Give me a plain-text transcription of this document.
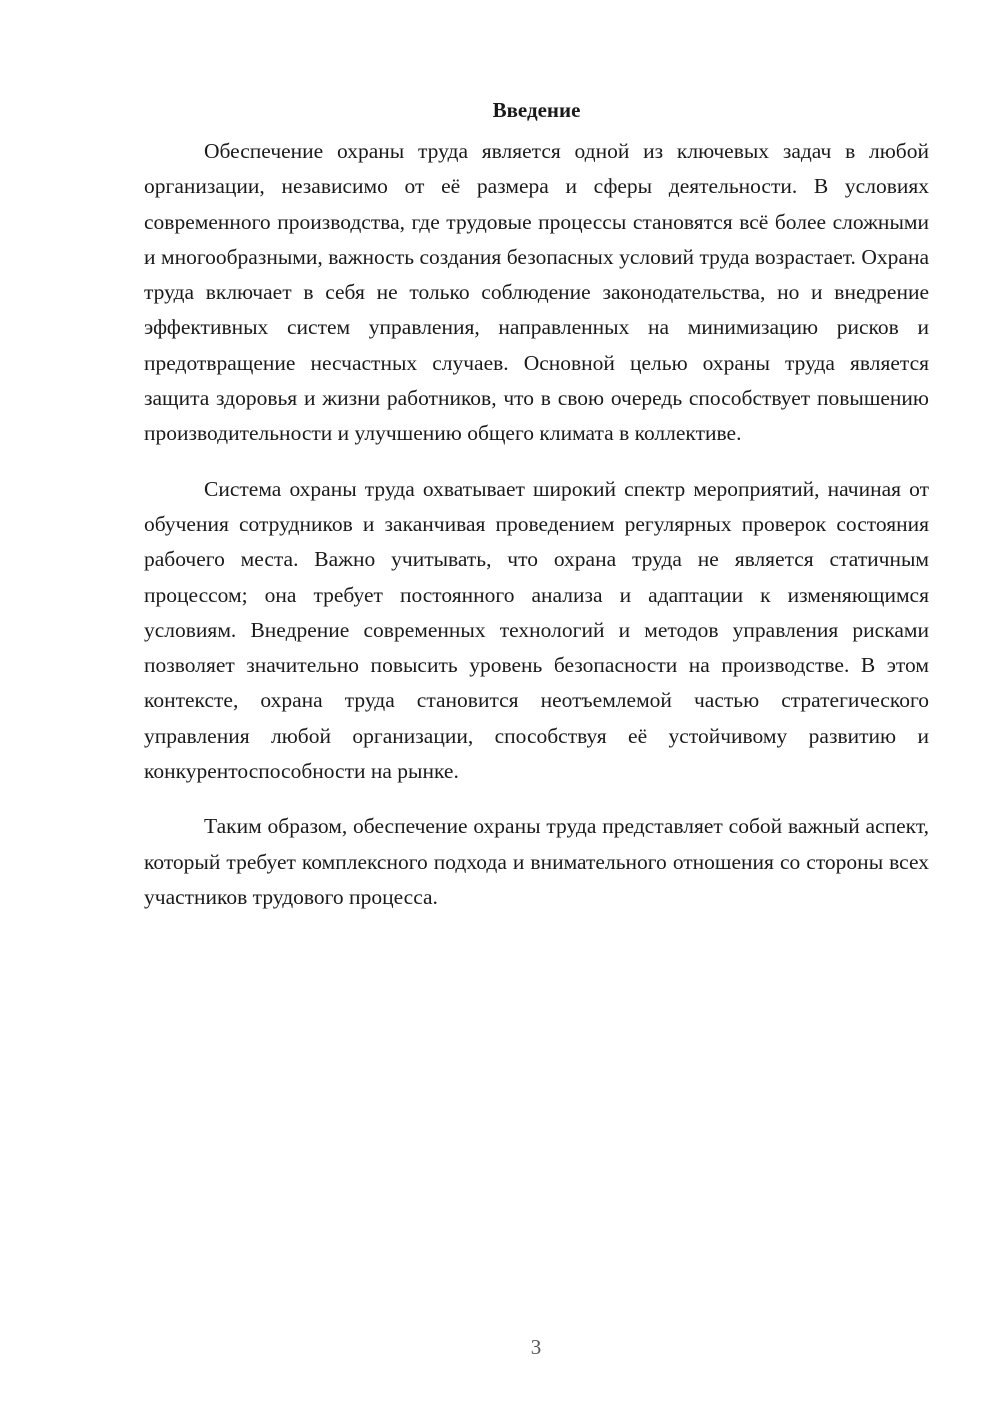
Введение

Обеспечение охраны труда является одной из ключевых задач в любой организации, независимо от её размера и сферы деятельности. В условиях современного производства, где трудовые процессы становятся всё более сложными и многообразными, важность создания безопасных условий труда возрастает. Охрана труда включает в себя не только соблюдение законодательства, но и внедрение эффективных систем управления, направленных на минимизацию рисков и предотвращение несчастных случаев. Основной целью охраны труда является защита здоровья и жизни работников, что в свою очередь способствует повышению производительности и улучшению общего климата в коллективе.

Система охраны труда охватывает широкий спектр мероприятий, начиная от обучения сотрудников и заканчивая проведением регулярных проверок состояния рабочего места. Важно учитывать, что охрана труда не является статичным процессом; она требует постоянного анализа и адаптации к изменяющимся условиям. Внедрение современных технологий и методов управления рисками позволяет значительно повысить уровень безопасности на производстве. В этом контексте, охрана труда становится неотъемлемой частью стратегического управления любой организации, способствуя её устойчивому развитию и конкурентоспособности на рынке.

Таким образом, обеспечение охраны труда представляет собой важный аспект, который требует комплексного подхода и внимательного отношения со стороны всех участников трудового процесса.

3
